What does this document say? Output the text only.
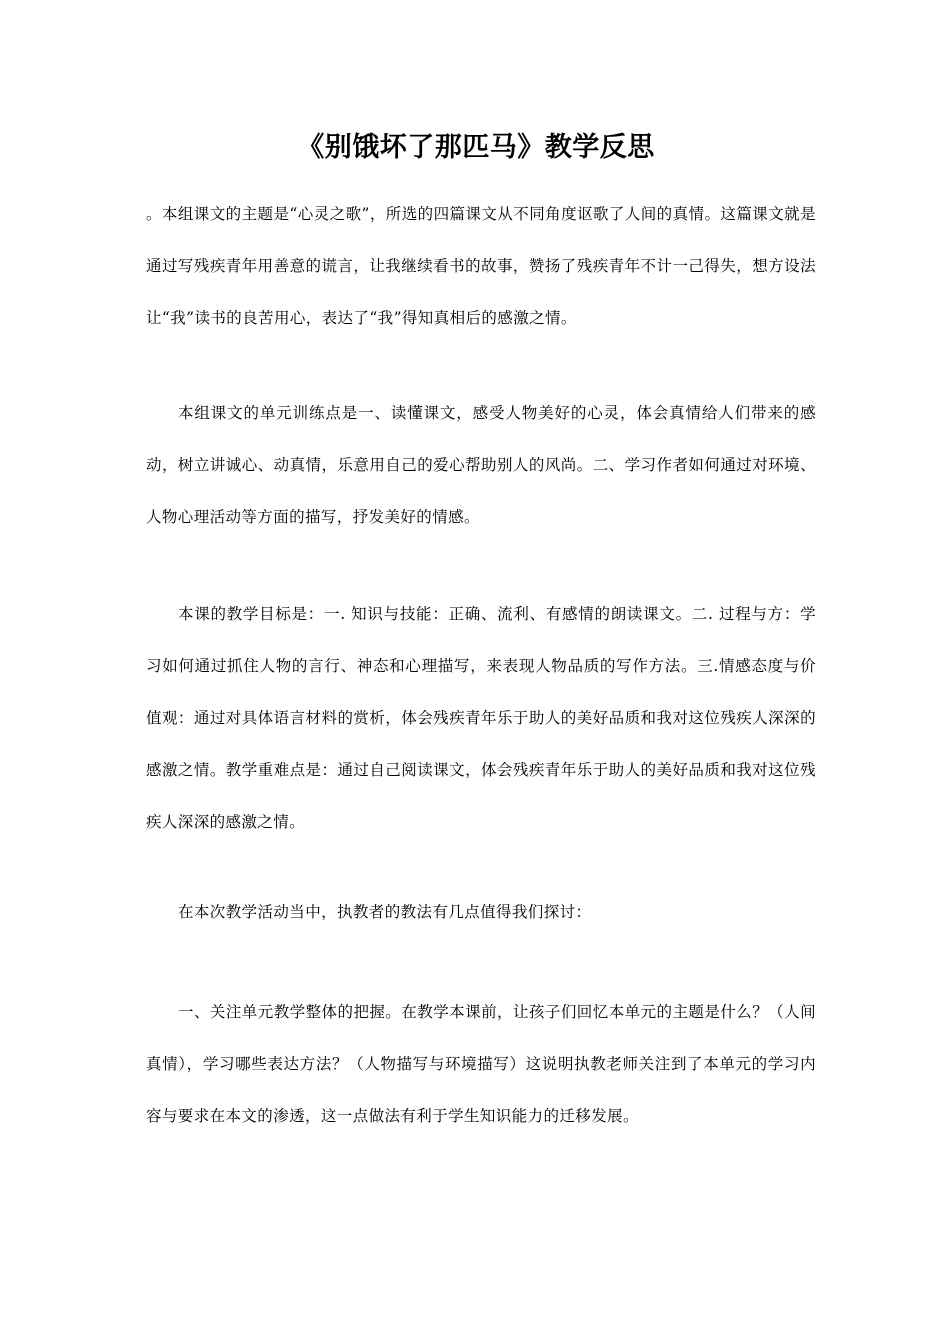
《别饿坏了那匹马》教学反思

。本组课文的主题是“心灵之歌”，所选的四篇课文从不同角度讴歌了人间的真情。这篇课文就是通过写残疾青年用善意的谎言，让我继续看书的故事，赞扬了残疾青年不计一己得失，想方设法让“我”读书的良苦用心，表达了“我”得知真相后的感激之情。

本组课文的单元训练点是一、读懂课文，感受人物美好的心灵，体会真情给人们带来的感动，树立讲诚心、动真情，乐意用自己的爱心帮助别人的风尚。二、学习作者如何通过对环境、人物心理活动等方面的描写，抒发美好的情感。

本课的教学目标是：一. 知识与技能：正确、流利、有感情的朗读课文。二. 过程与方：学习如何通过抓住人物的言行、神态和心理描写，来表现人物品质的写作方法。三.情感态度与价值观：通过对具体语言材料的赏析，体会残疾青年乐于助人的美好品质和我对这位残疾人深深的感激之情。教学重难点是：通过自己阅读课文，体会残疾青年乐于助人的美好品质和我对这位残疾人深深的感激之情。

在本次教学活动当中，执教者的教法有几点值得我们探讨：

一、关注单元教学整体的把握。在教学本课前，让孩子们回忆本单元的主题是什么？（人间真情），学习哪些表达方法？（人物描写与环境描写）这说明执教老师关注到了本单元的学习内容与要求在本文的渗透，这一点做法有利于学生知识能力的迁移发展。
